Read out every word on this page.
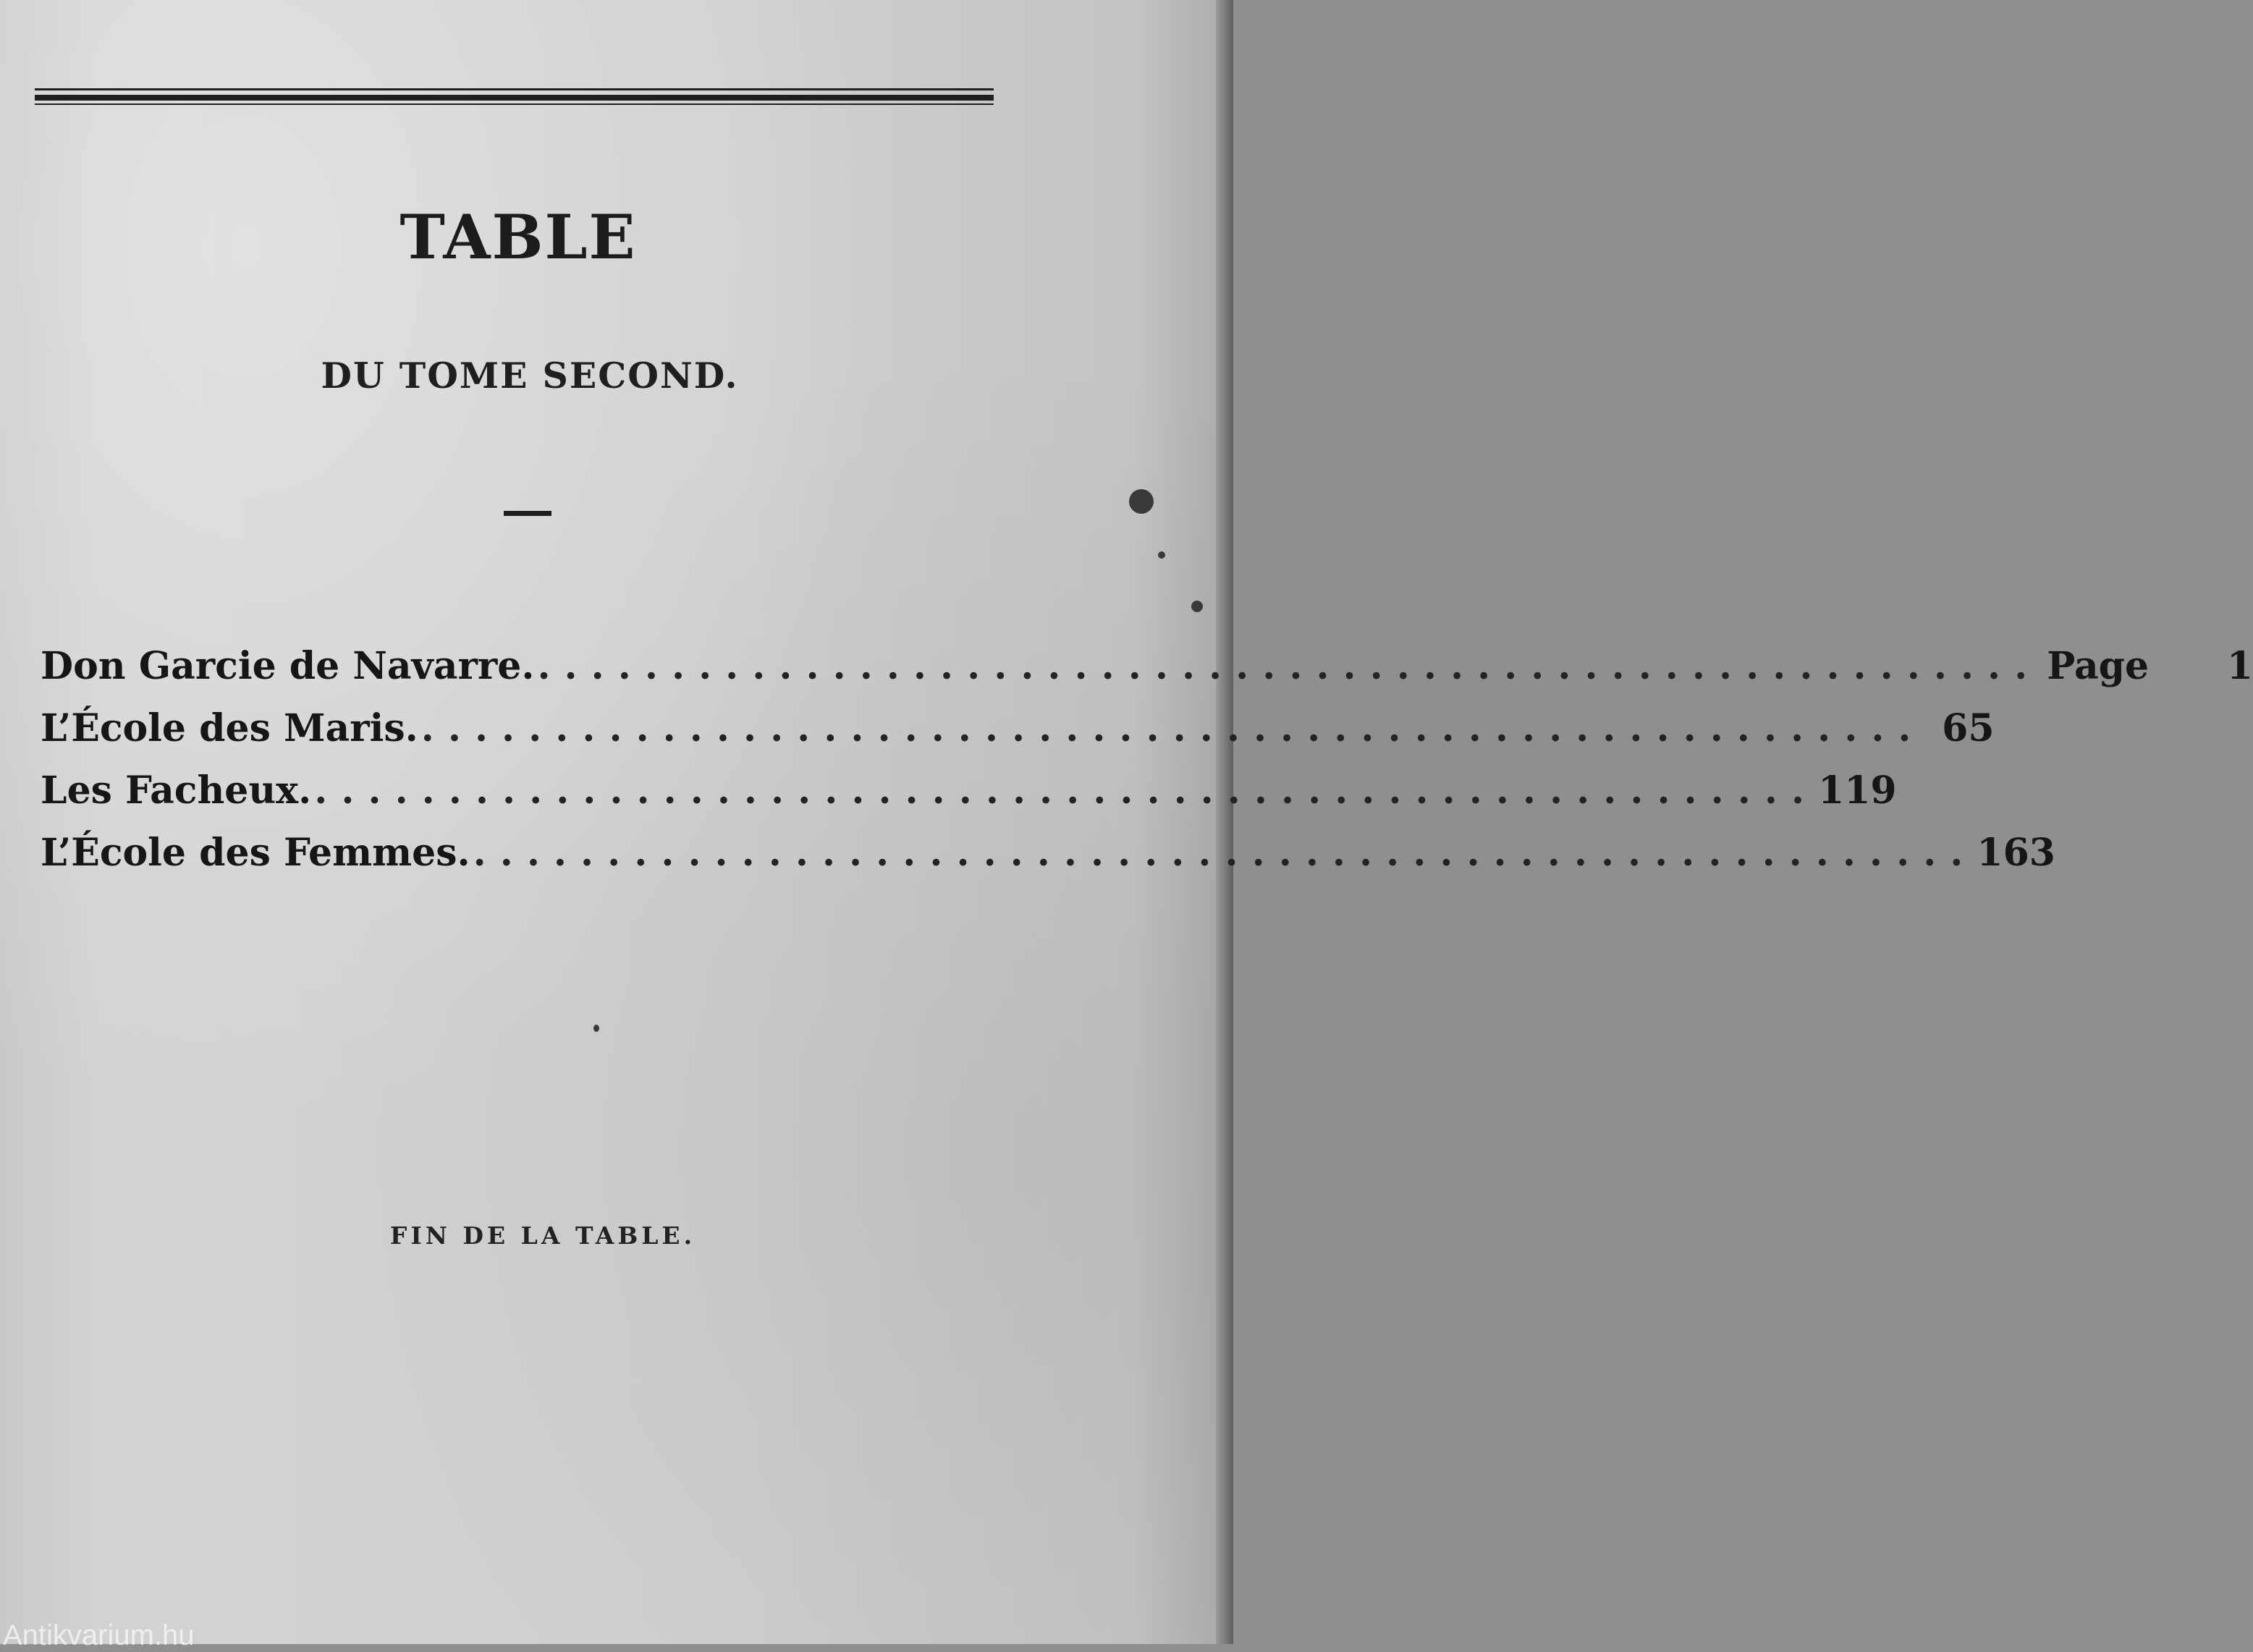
TABLE
DU TOME SECOND.
Don Garcie de Navarre. ........................................................ Page	1
L’École des Maris. ........................................................ 65
Les Facheux. ........................................................ 119
L’École des Femmes. ........................................................ 163
FIN DE LA TABLE.
Antikvarium.hu
